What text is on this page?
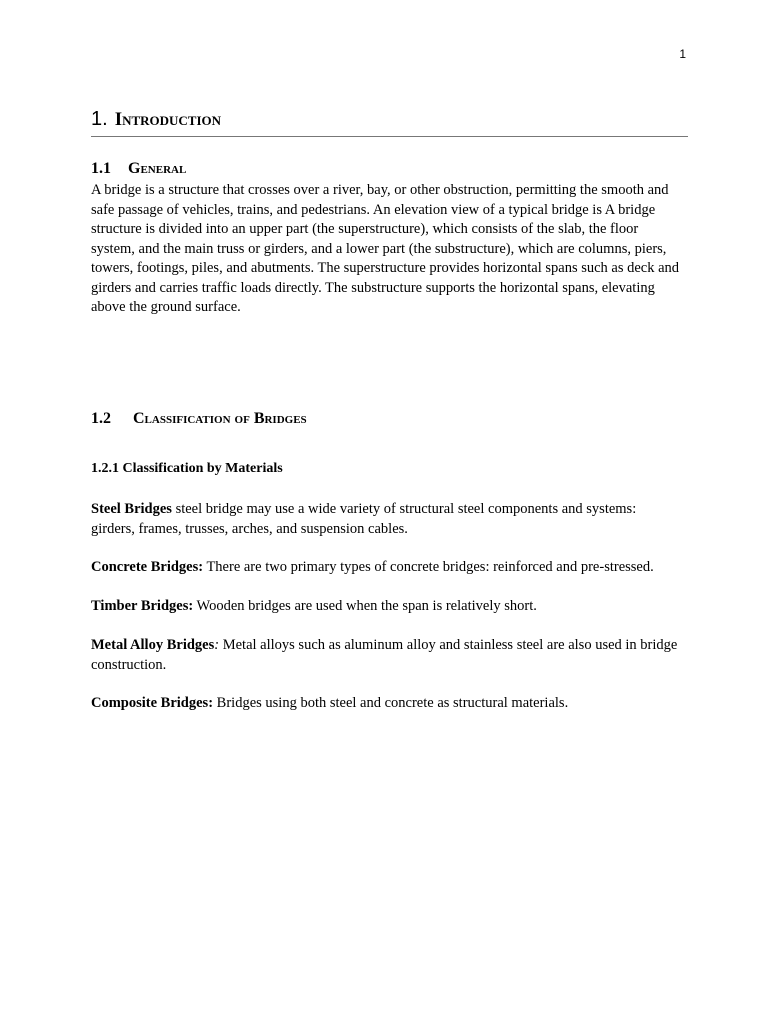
1
1. Introduction
1.1 General
A bridge is a structure that crosses over a river, bay, or other obstruction, permitting the smooth and safe passage of vehicles, trains, and pedestrians. An elevation view of a typical bridge is A bridge structure is divided into an upper part (the superstructure), which consists of the slab, the floor system, and the main truss or girders, and a lower part (the substructure), which are columns, piers, towers, footings, piles, and abutments. The superstructure provides horizontal spans such as deck and girders and carries traffic loads directly. The substructure supports the horizontal spans, elevating above the ground surface.
1.2 Classification of Bridges
1.2.1 Classification by Materials
Steel Bridges steel bridge may use a wide variety of structural steel components and systems: girders, frames, trusses, arches, and suspension cables.
Concrete Bridges: There are two primary types of concrete bridges: reinforced and pre-stressed.
Timber Bridges: Wooden bridges are used when the span is relatively short.
Metal Alloy Bridges: Metal alloys such as aluminum alloy and stainless steel are also used in bridge construction.
Composite Bridges: Bridges using both steel and concrete as structural materials.
